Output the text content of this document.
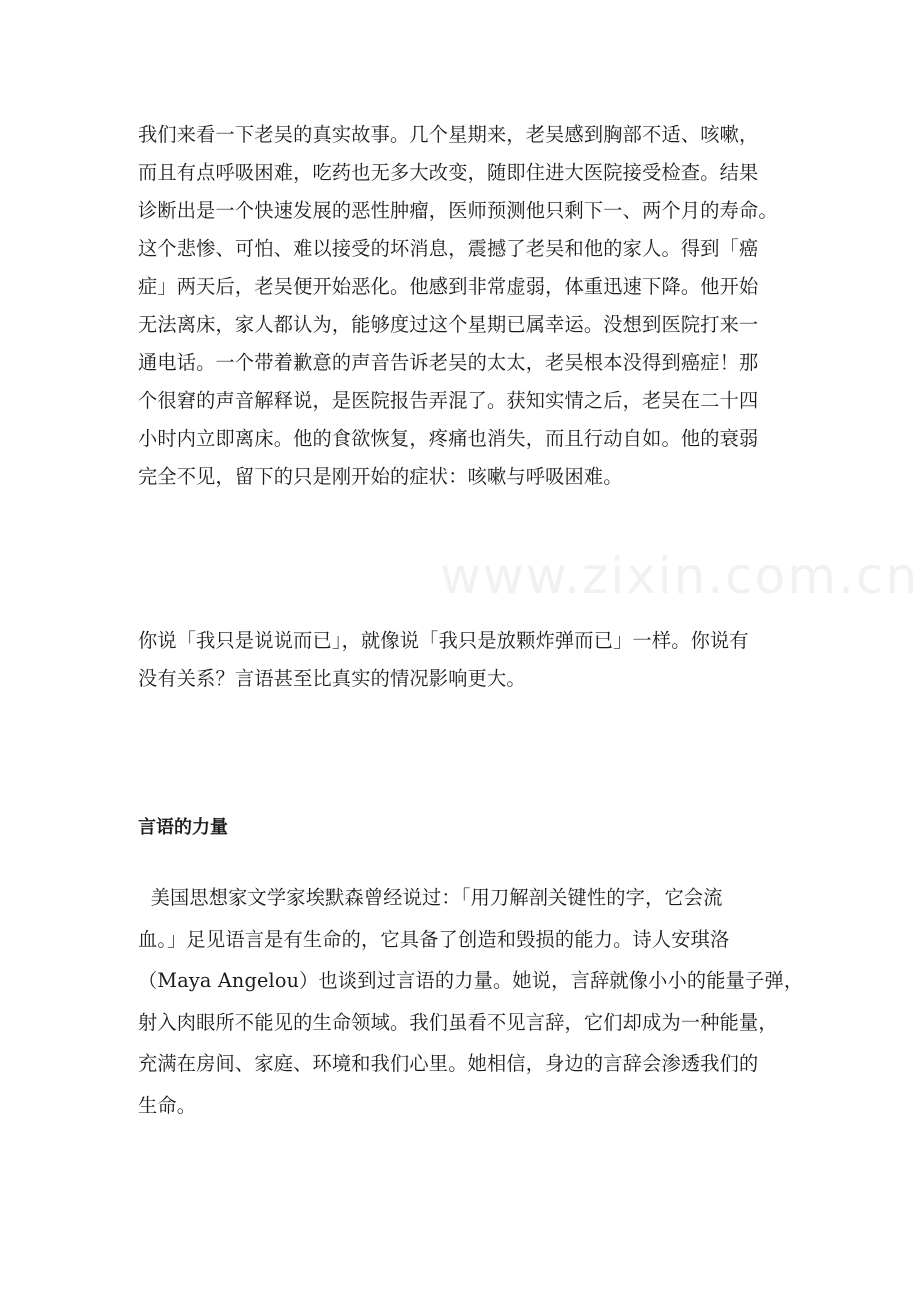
www.zixin.com.cn
我们来看一下老吴的真实故事。几个星期来，老吴感到胸部不适、咳嗽，
而且有点呼吸困难，吃药也无多大改变，随即住进大医院接受检查。结果
诊断出是一个快速发展的恶性肿瘤，医师预测他只剩下一、两个月的寿命。
这个悲惨、可怕、难以接受的坏消息，震撼了老吴和他的家人。得到「癌
症」两天后，老吴便开始恶化。他感到非常虚弱，体重迅速下降。他开始
无法离床，家人都认为，能够度过这个星期已属幸运。没想到医院打来一
通电话。一个带着歉意的声音告诉老吴的太太，老吴根本没得到癌症！那
个很窘的声音解释说，是医院报告弄混了。获知实情之后，老吴在二十四
小时内立即离床。他的食欲恢复，疼痛也消失，而且行动自如。他的衰弱
完全不见，留下的只是刚开始的症状：咳嗽与呼吸困难。
你说「我只是说说而已」，就像说「我只是放颗炸弹而已」一样。你说有
没有关系？言语甚至比真实的情况影响更大。
言语的力量
美国思想家文学家埃默森曾经说过：「用刀解剖关键性的字，它会流
血。」足见语言是有生命的，它具备了创造和毁损的能力。诗人安琪洛
（Maya Angelou）也谈到过言语的力量。她说，言辞就像小小的能量子弹，
射入肉眼所不能见的生命领域。我们虽看不见言辞，它们却成为一种能量，
充满在房间、家庭、环境和我们心里。她相信，身边的言辞会渗透我们的
生命。
